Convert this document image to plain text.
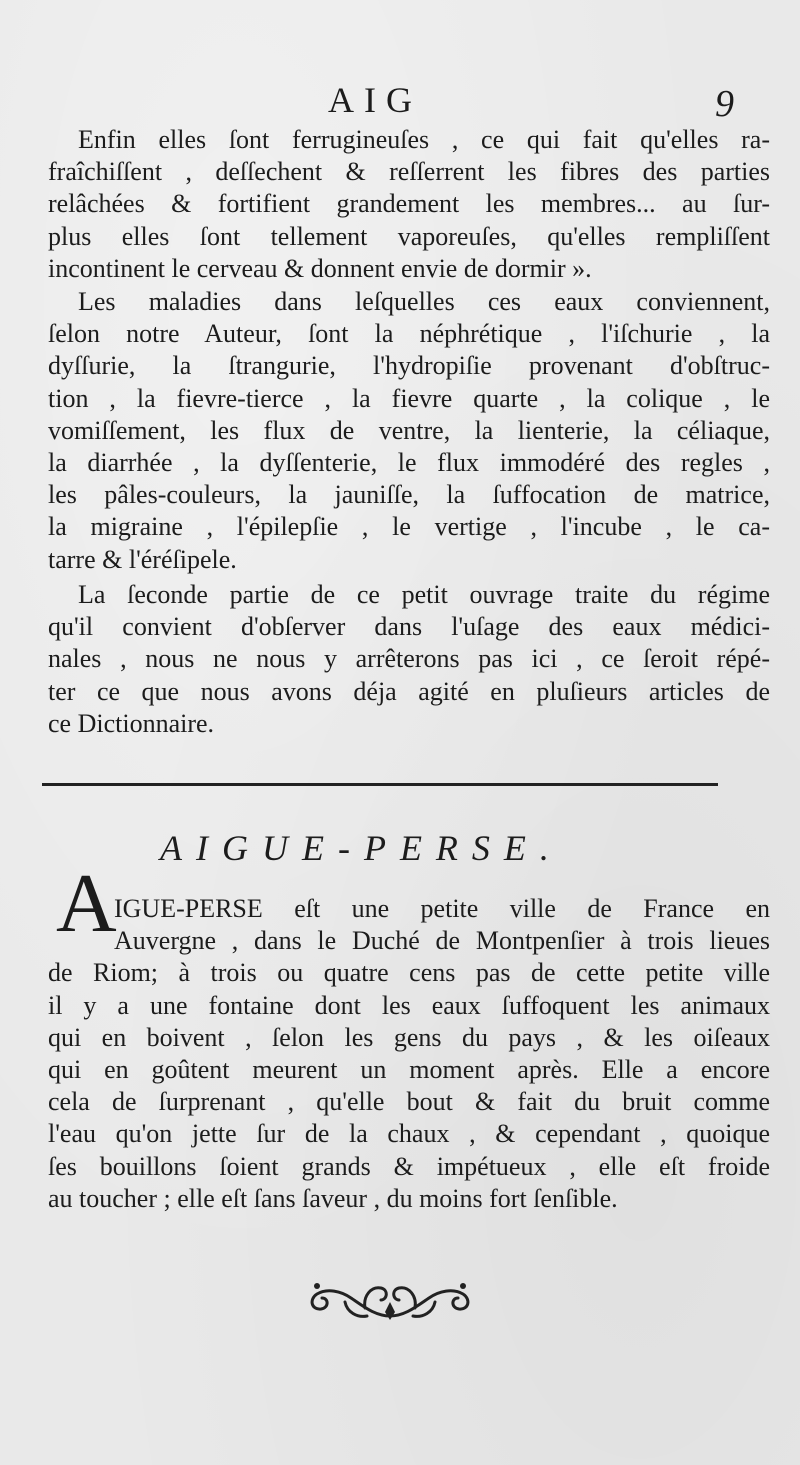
AIG	9
Enfin elles ſont ferrugineuſes , ce qui fait qu'elles ra-
fraîchiſſent , deſſechent & reſſerrent les fibres des parties
relâchées & fortifient grandement les membres... au ſur-
plus elles ſont tellement vaporeuſes, qu'elles rempliſſent
incontinent le cerveau & donnent envie de dormir ».
Les maladies dans leſquelles ces eaux conviennent,
ſelon notre Auteur, ſont la néphrétique , l'iſchurie , la
dyſſurie, la ſtrangurie, l'hydropiſie provenant d'obſtruc-
tion , la fievre-tierce , la fievre quarte , la colique , le
vomiſſement, les flux de ventre, la lienterie, la céliaque,
la diarrhée , la dyſſenterie, le flux immodéré des regles ,
les pâles-couleurs, la jauniſſe, la ſuffocation de matrice,
la migraine , l'épilepſie , le vertige , l'incube , le ca-
tarre & l'éréſipele.
La ſeconde partie de ce petit ouvrage traite du régime
qu'il convient d'obſerver dans l'uſage des eaux médici-
nales , nous ne nous y arrêterons pas ici , ce ſeroit répé-
ter ce que nous avons déja agité en pluſieurs articles de
ce Dictionnaire.
AIGUE-PERSE.
A
IGUE-PERSE eſt une petite ville de France en
Auvergne , dans le Duché de Montpenſier à trois lieues
de Riom; à trois ou quatre cens pas de cette petite ville
il y a une fontaine dont les eaux ſuffoquent les animaux
qui en boivent , ſelon les gens du pays , & les oiſeaux
qui en goûtent meurent un moment après. Elle a encore
cela de ſurprenant , qu'elle bout & fait du bruit comme
l'eau qu'on jette ſur de la chaux , & cependant , quoique
ſes bouillons ſoient grands & impétueux , elle eſt froide
au toucher ; elle eſt ſans ſaveur , du moins fort ſenſible.
